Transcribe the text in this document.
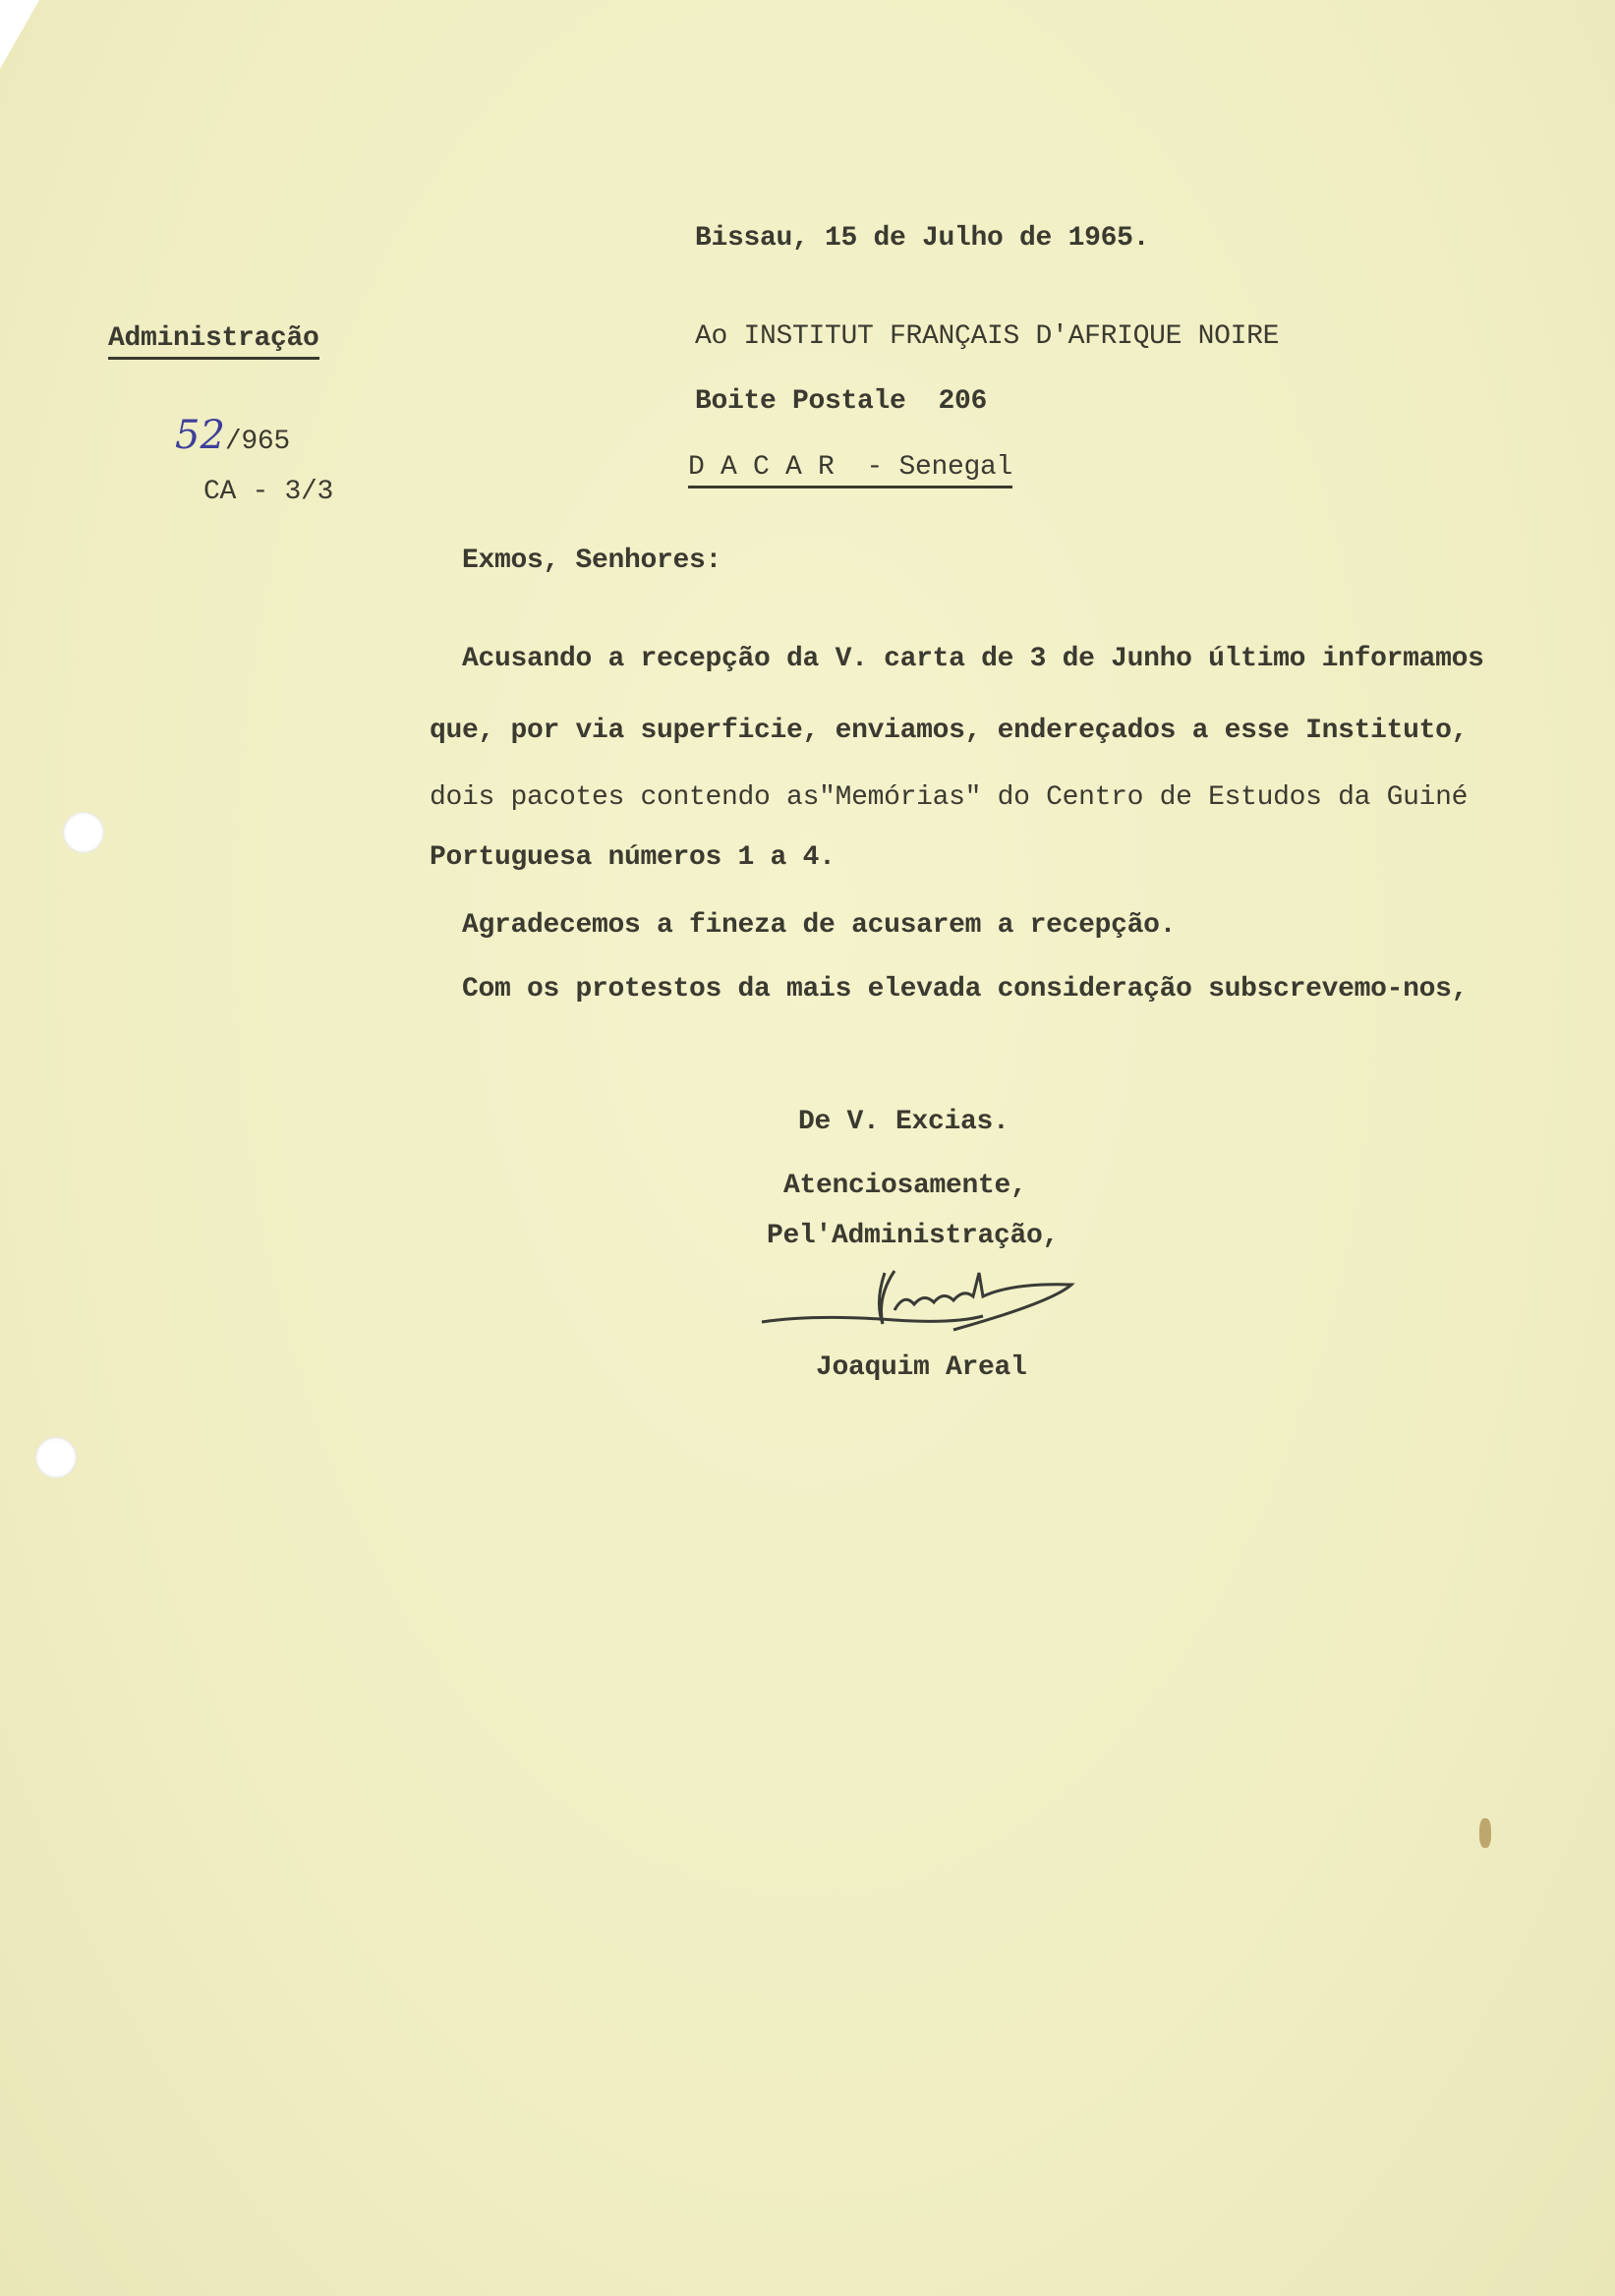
Bissau, 15 de Julho de 1965.
Administração
52/965
CA - 3/3
Ao INSTITUT FRANÇAIS D'AFRIQUE NOIRE
Boite Postale  206
D A C A R  - Senegal
Exmos, Senhores:
Acusando a recepção da V. carta de 3 de Junho último informamos
que, por via superficie, enviamos, endereçados a esse Instituto,
dois pacotes contendo as"Memórias" do Centro de Estudos da Guiné
Portuguesa números 1 a 4.
Agradecemos a fineza de acusarem a recepção.
Com os protestos da mais elevada consideração subscrevemo-nos,
De V. Excias.
Atenciosamente,
Pel'Administração,
Joaquim Areal
